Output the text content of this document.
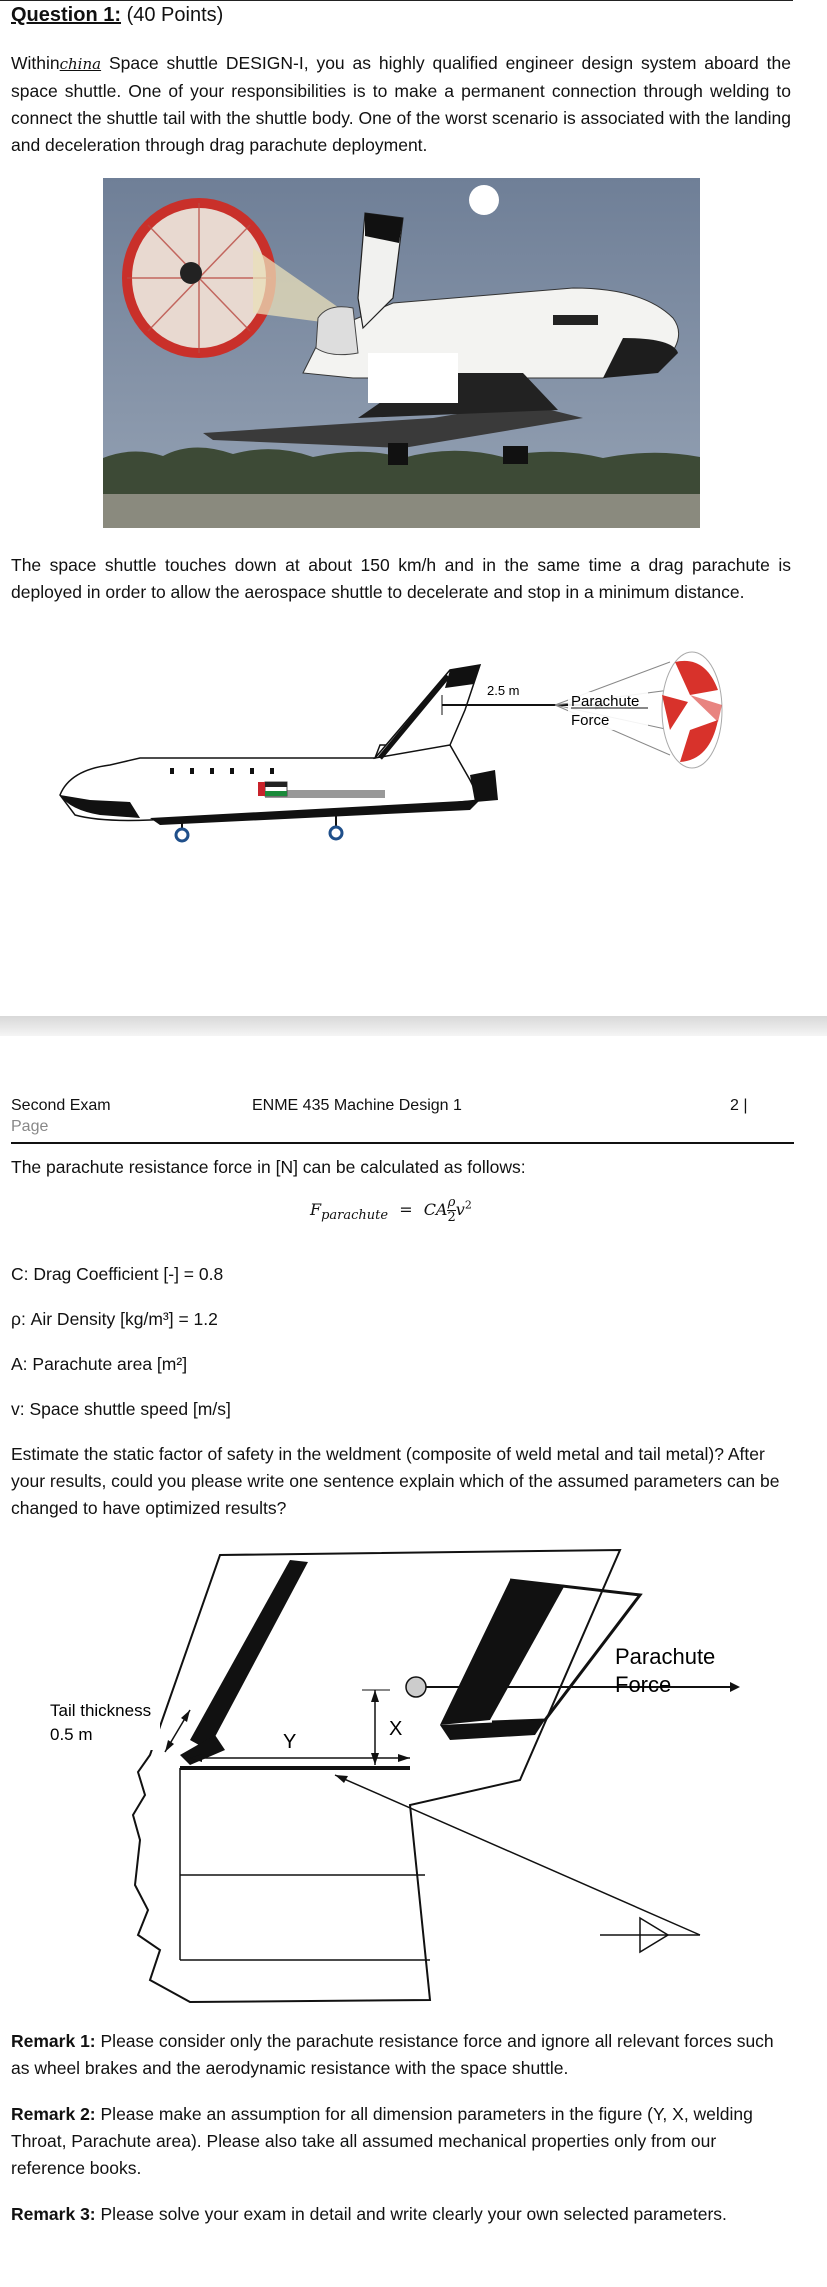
Question 1: (40 Points)
Withinchina Space shuttle DESIGN-I, you as highly qualified engineer design system aboard the space shuttle. One of your responsibilities is to make a permanent connection through welding to connect the shuttle tail with the shuttle body. One of the worst scenario is associated with the landing and deceleration through drag parachute deployment.
The space shuttle touches down at about 150 km/h and in the same time a drag parachute is deployed in order to allow the aerospace shuttle to decelerate and stop in a minimum distance.
2.5 m
Parachute
Force
Second Exam
Page
ENME 435 Machine Design 1	2 |
The parachute resistance force in [N] can be calculated as follows:
$F_{parachute}$ = CA $\frac{\rho}{2} v^2$
C: Drag Coefficient [-] = 0.8
ρ: Air Density [kg/m³] = 1.2
A: Parachute area [m²]
v: Space shuttle speed [m/s]
Estimate the static factor of safety in the weldment (composite of weld metal and tail metal)? After your results, could you please write one sentence explain which of the assumed parameters can be changed to have optimized results?
Y
X
Parachute
Force
Tail thickness
0.5 m
Remark 1: Please consider only the parachute resistance force and ignore all relevant forces such as wheel brakes and the aerodynamic resistance with the space shuttle.
Remark 2: Please make an assumption for all dimension parameters in the figure (Y, X, welding Throat, Parachute area). Please also take all assumed mechanical properties only from our reference books.
Remark 3: Please solve your exam in detail and write clearly your own selected parameters.
